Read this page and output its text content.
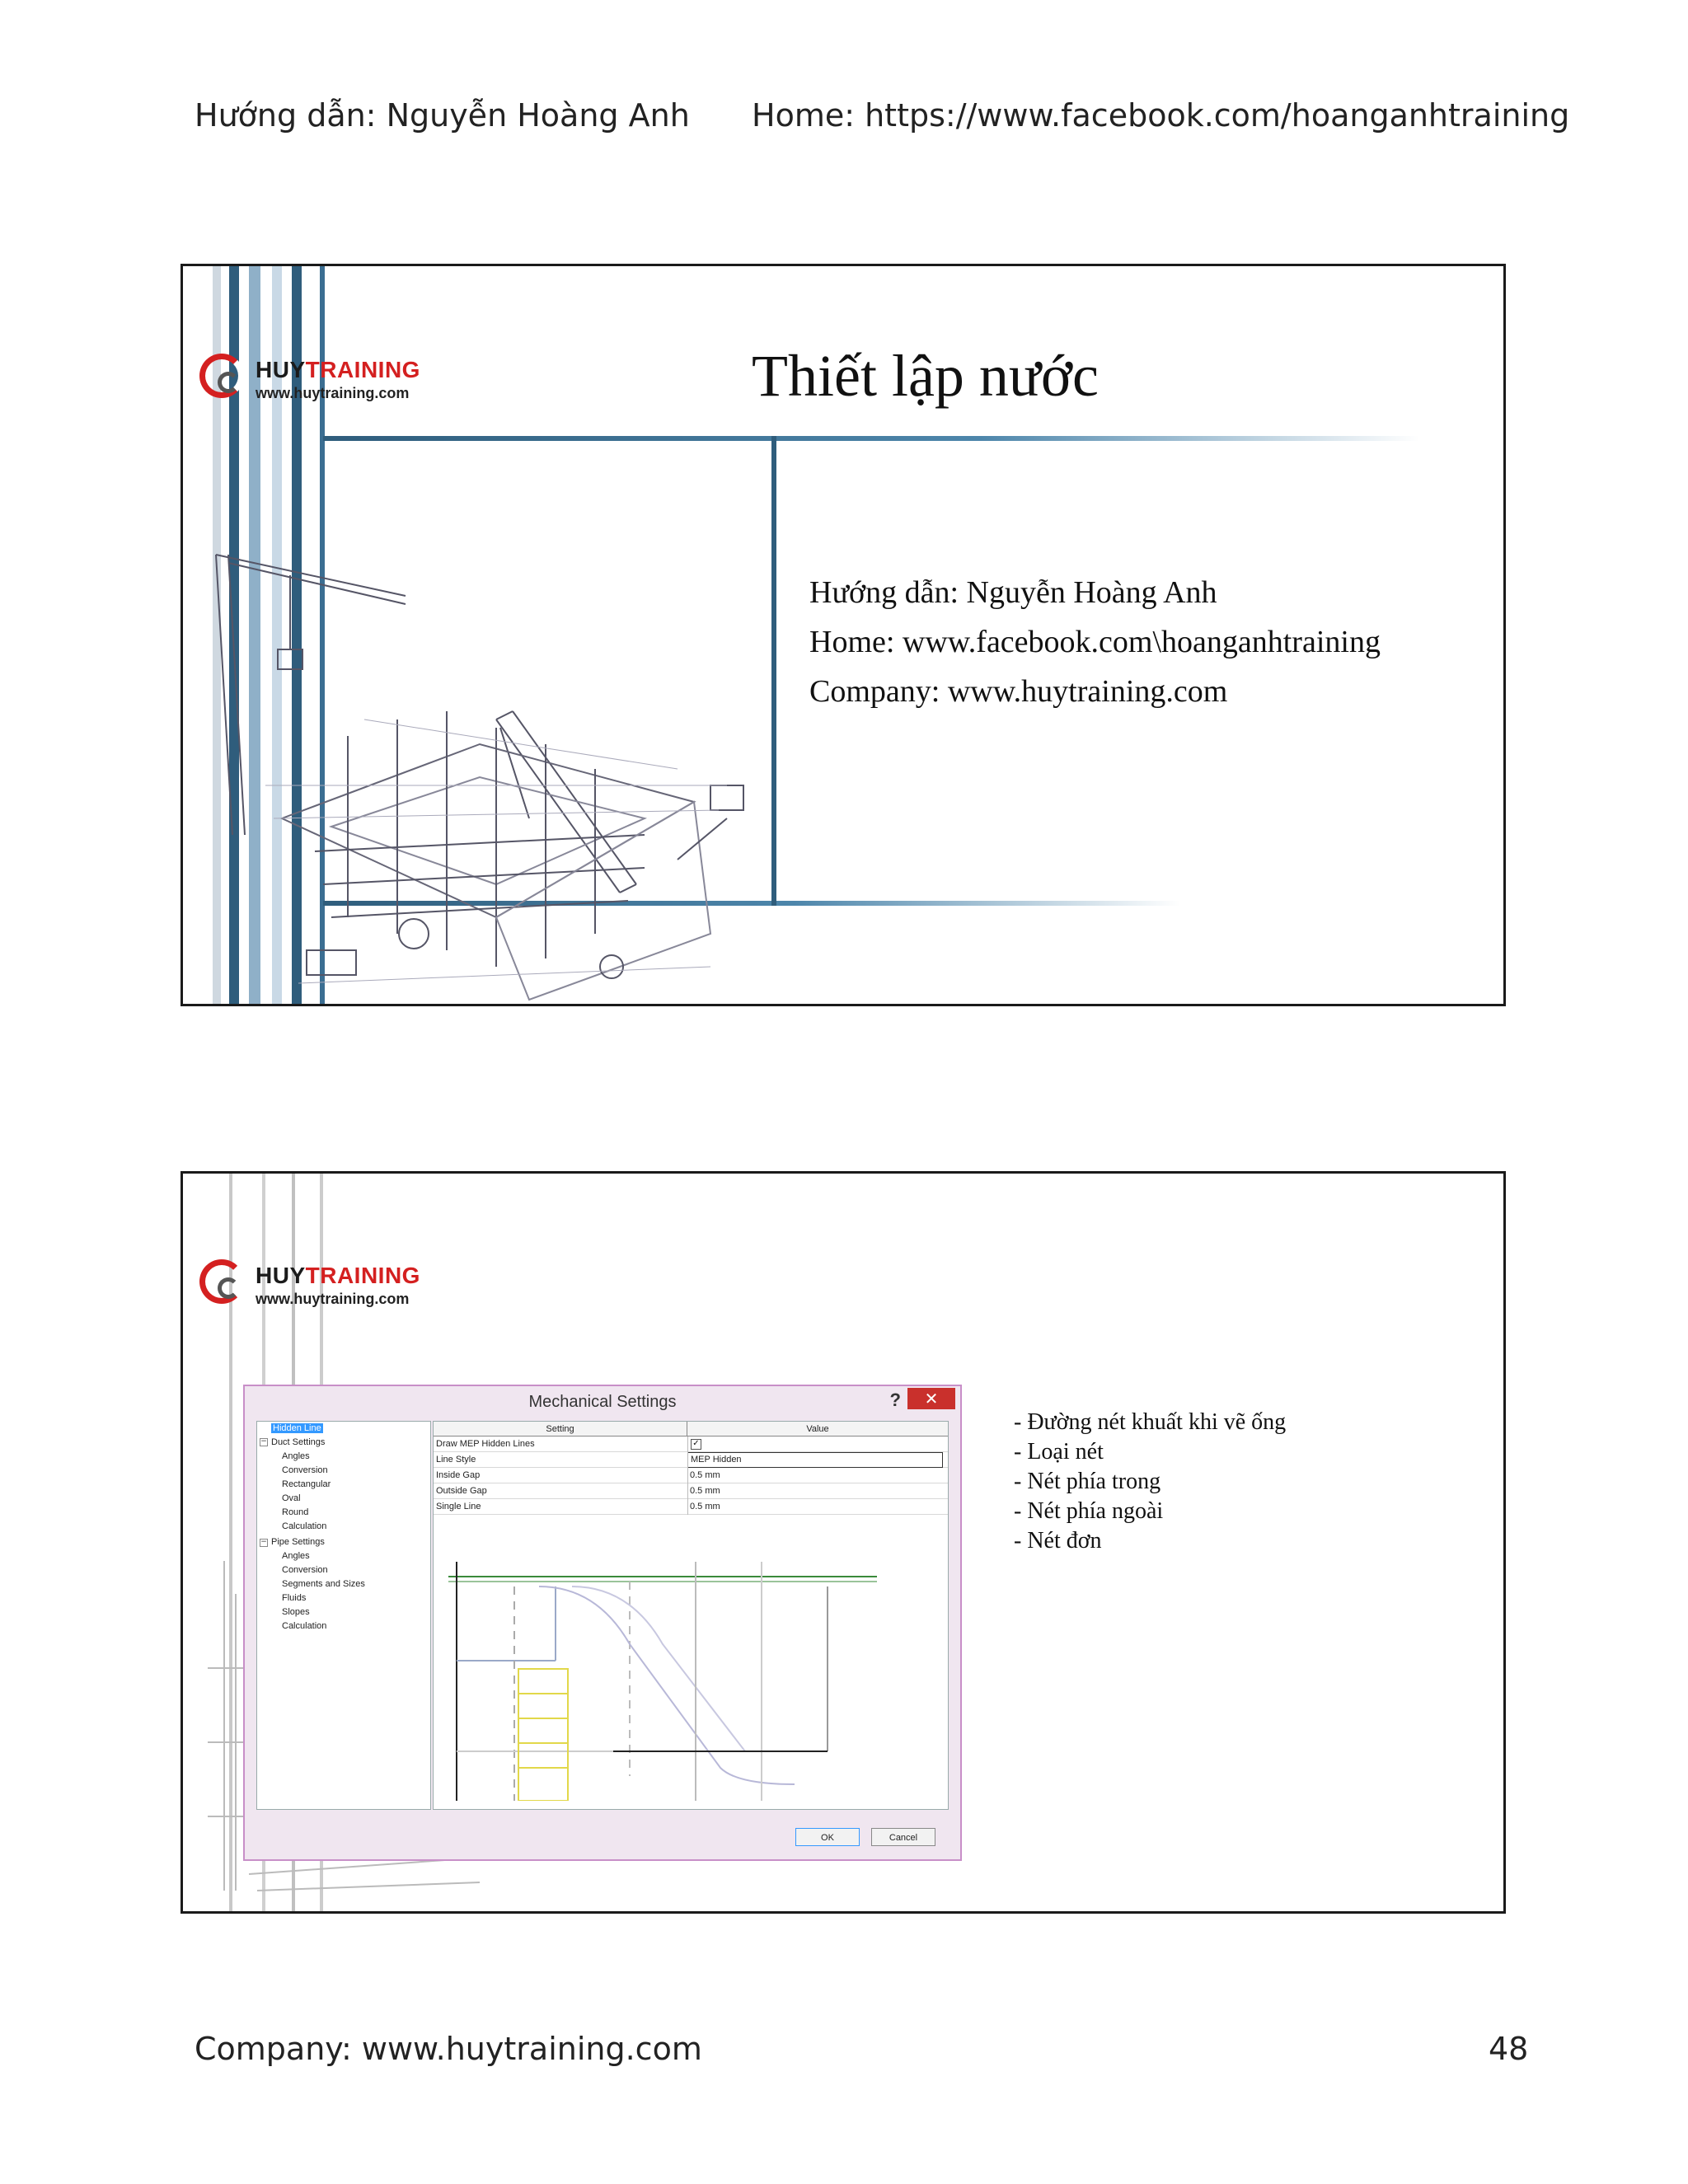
Hướng dẫn: Nguyễn Hoàng Anh Home: https://www.facebook.com/hoanganhtraining
HUYTRAINING
www.huytraining.com	Thiết lập nước
Hướng dẫn: Nguyễn Hoàng Anh
Home: www.facebook.com\hoanganhtraining
Company: www.huytraining.com
HUYTRAINING
www.huytraining.com
Mechanical Settings	?	✕
−
−
Hidden Line
Duct Settings
Angles
Conversion
Rectangular
Oval
Round
Calculation
Pipe Settings
Angles
Conversion
Segments and Sizes
Fluids
Slopes
Calculation
Setting	Value
Draw MEP Hidden Lines	✓
Line Style	MEP Hidden
Inside Gap	0.5 mm
Outside Gap	0.5 mm
Single Line	0.5 mm
OK	Cancel
- Đường nét khuất khi vẽ ống
- Loại nét
- Nét phía trong
- Nét phía ngoài
- Nét đơn
Company: www.huytraining.com	48
